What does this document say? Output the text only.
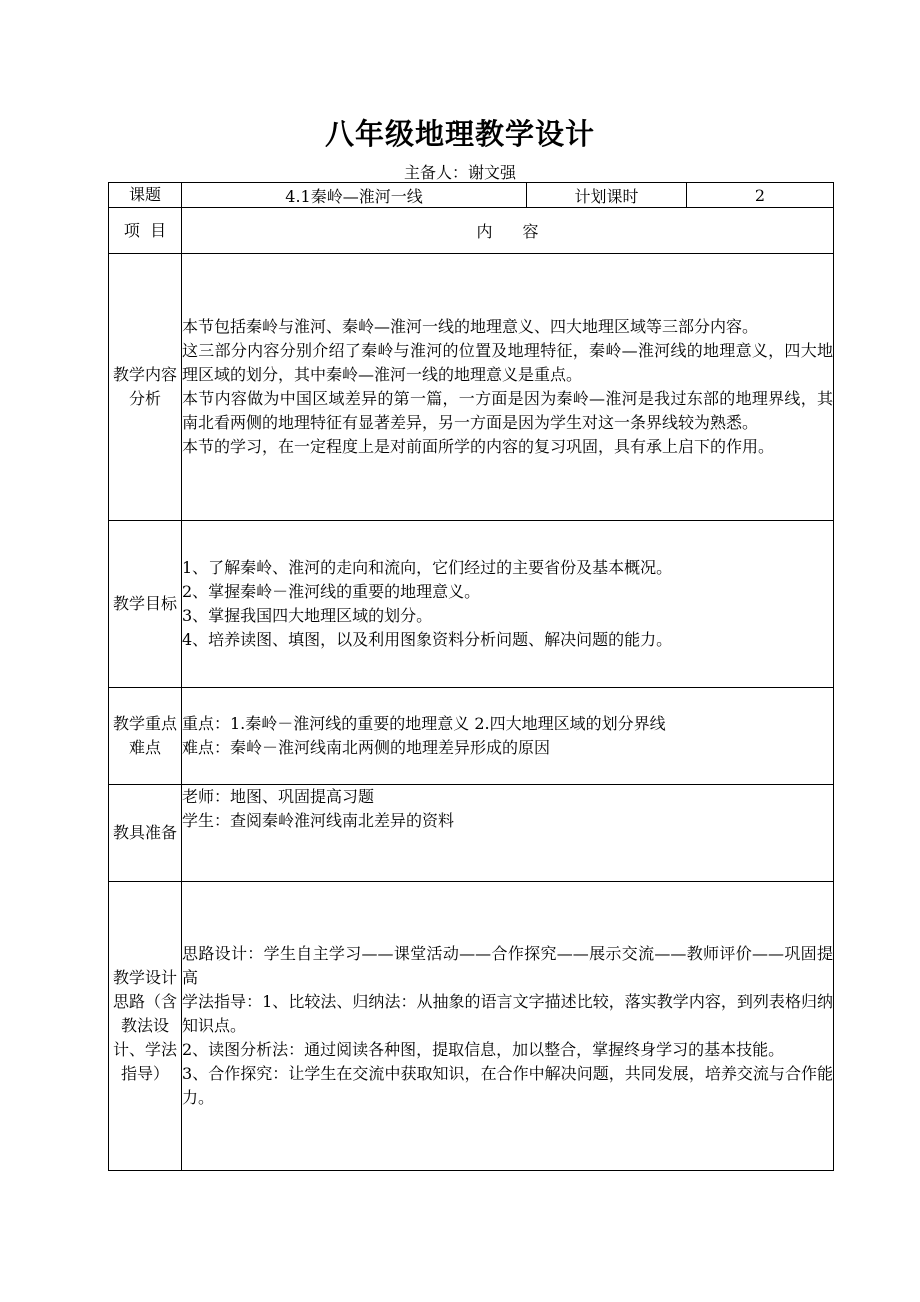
八年级地理教学设计
主备人：谢文强
课题	4.1秦岭—淮河一线	计划课时	2
项  目	内 容		
教学内容分析	本节包括秦岭与淮河、秦岭—淮河一线的地理意义、四大地理区域等三部分内容。

这三部分内容分别介绍了秦岭与淮河的位置及地理特征，秦岭—淮河线的地理意义，四大地理区域的划分，其中秦岭—淮河一线的地理意义是重点。

本节内容做为中国区域差异的第一篇，一方面是因为秦岭—淮河是我过东部的地理界线，其南北看两侧的地理特征有显著差异，另一方面是因为学生对这一条界线较为熟悉。

本节的学习，在一定程度上是对前面所学的内容的复习巩固，具有承上启下的作用。		

教学目标	1、了解秦岭、淮河的走向和流向，它们经过的主要省份及基本概况。

2、掌握秦岭－淮河线的重要的地理意义。

3、掌握我国四大地理区域的划分。

4、培养读图、填图，以及利用图象资料分析问题、解决问题的能力。		

教学重点难点	重点：1.秦岭－淮河线的重要的地理意义 2.四大地理区域的划分界线

难点：秦岭－淮河线南北两侧的地理差异形成的原因		

教具准备	老师：地图、巩固提高习题

学生：查阅秦岭淮河线南北差异的资料		

教学设计思路（含教法设计、学法指导）	思路设计：学生自主学习——课堂活动——合作探究——展示交流——教师评价——巩固提高

学法指导：1、比较法、归纳法：从抽象的语言文字描述比较，落实教学内容，到列表格归纳知识点。

2、读图分析法：通过阅读各种图，提取信息，加以整合，掌握终身学习的基本技能。

3、合作探究：让学生在交流中获取知识，在合作中解决问题，共同发展，培养交流与合作能力。		
